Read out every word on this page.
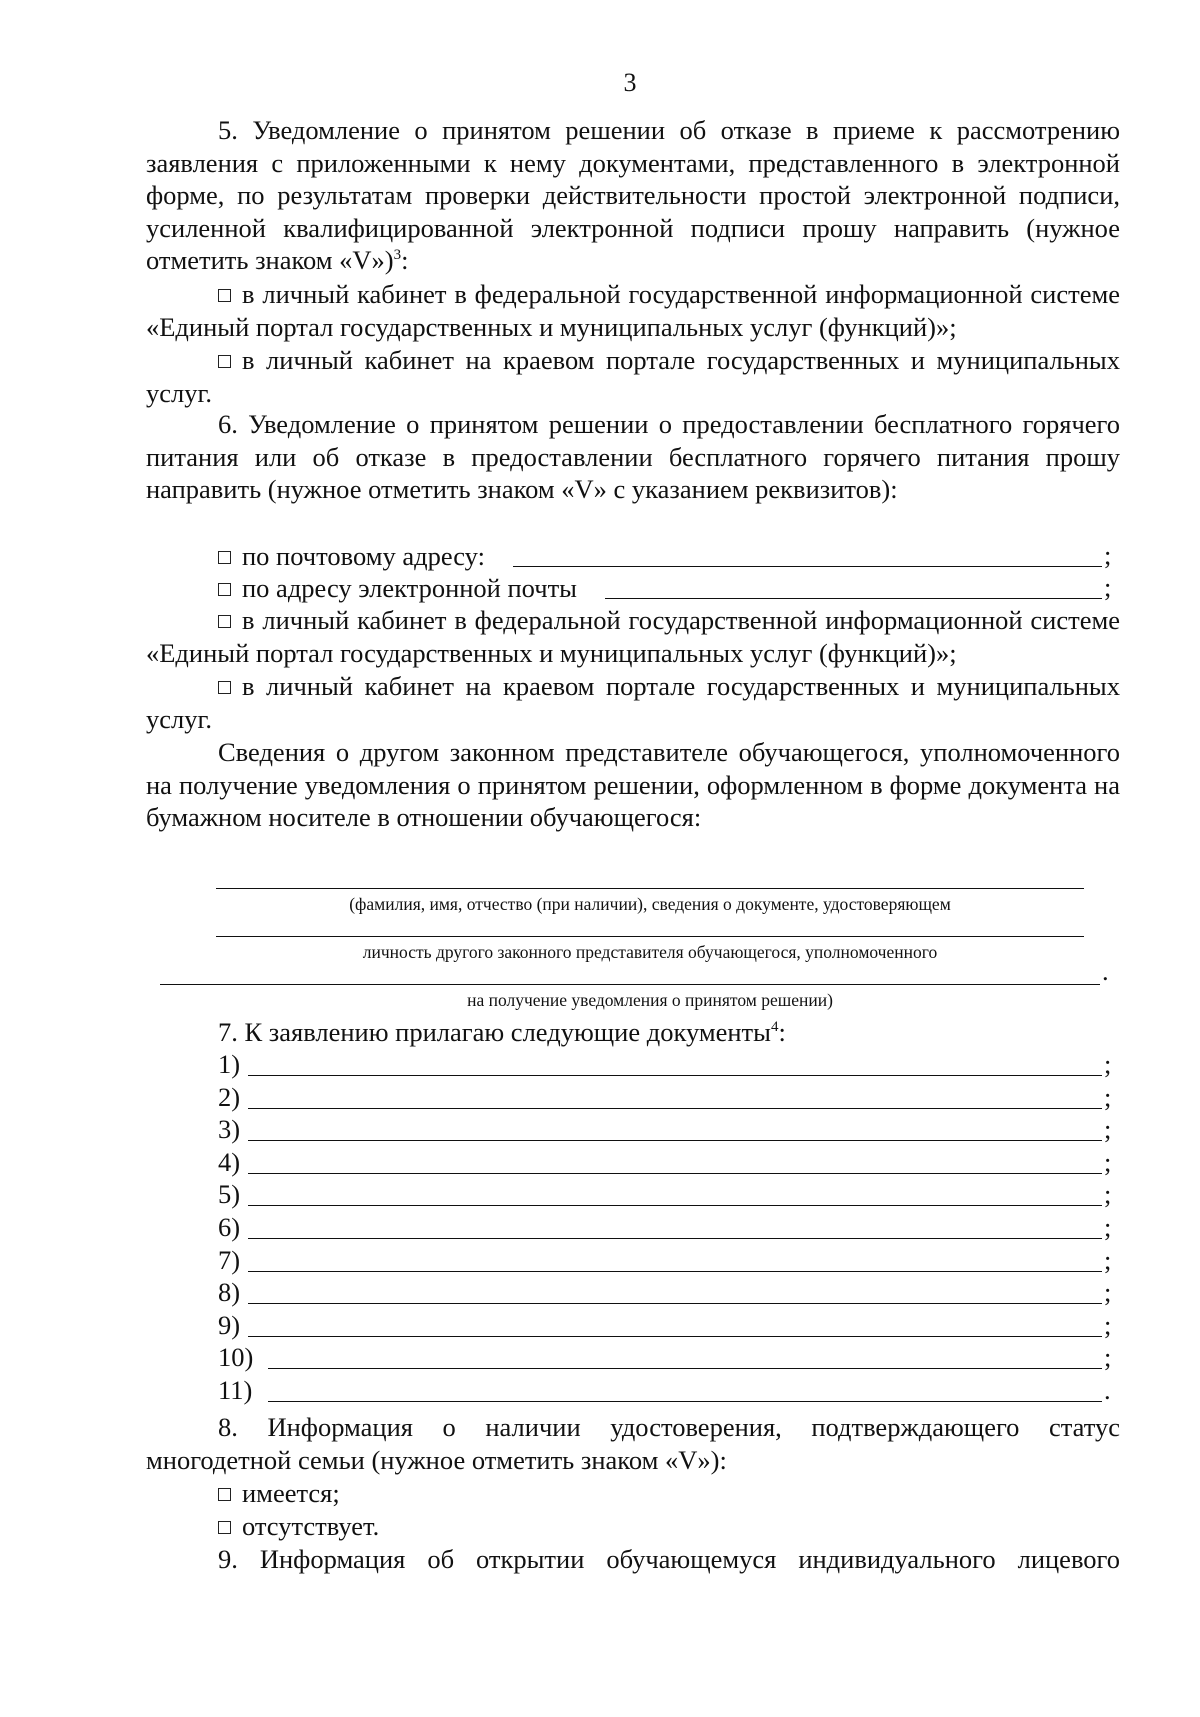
3
5. Уведомление о принятом решении об отказе в приеме к рассмотрению заявления с приложенными к нему документами, представленного в электронной форме, по результатам проверки действительности простой электронной подписи, усиленной квалифицированной электронной подписи прошу направить (нужное отметить знаком «V»)$^3$:
в личный кабинет в федеральной государственной информационной системе «Единый портал государственных и муниципальных услуг (функций)»;
в личный кабинет на краевом портале государственных и муниципальных услуг.
6. Уведомление о принятом решении о предоставлении бесплатного горячего питания или об отказе в предоставлении бесплатного горячего питания прошу направить (нужное отметить знаком «V» с указанием реквизитов):
по почтовому адресу:	;
по адресу электронной почты	;
в личный кабинет в федеральной государственной информационной системе «Единый портал государственных и муниципальных услуг (функций)»;
в личный кабинет на краевом портале государственных и муниципальных услуг.
Сведения о другом законном представителе обучающегося, уполномоченного на получение уведомления о принятом решении, оформленном в форме документа на бумажном носителе в отношении обучающегося:
(фамилия, имя, отчество (при наличии), сведения о документе, удостоверяющем
личность другого законного представителя обучающегося, уполномоченного
.
на получение уведомления о принятом решении)
7. К заявлению прилагаю следующие документы$^4$:
1)	;
2)	;
3)	;
4)	;
5)	;
6)	;
7)	;
8)	;
9)	;
10)	;
11)	.
8. Информация о наличии удостоверения, подтверждающего статус многодетной семьи (нужное отметить знаком «V»):
имеется;
отсутствует.
9. Информация об открытии обучающемуся индивидуального лицевого
